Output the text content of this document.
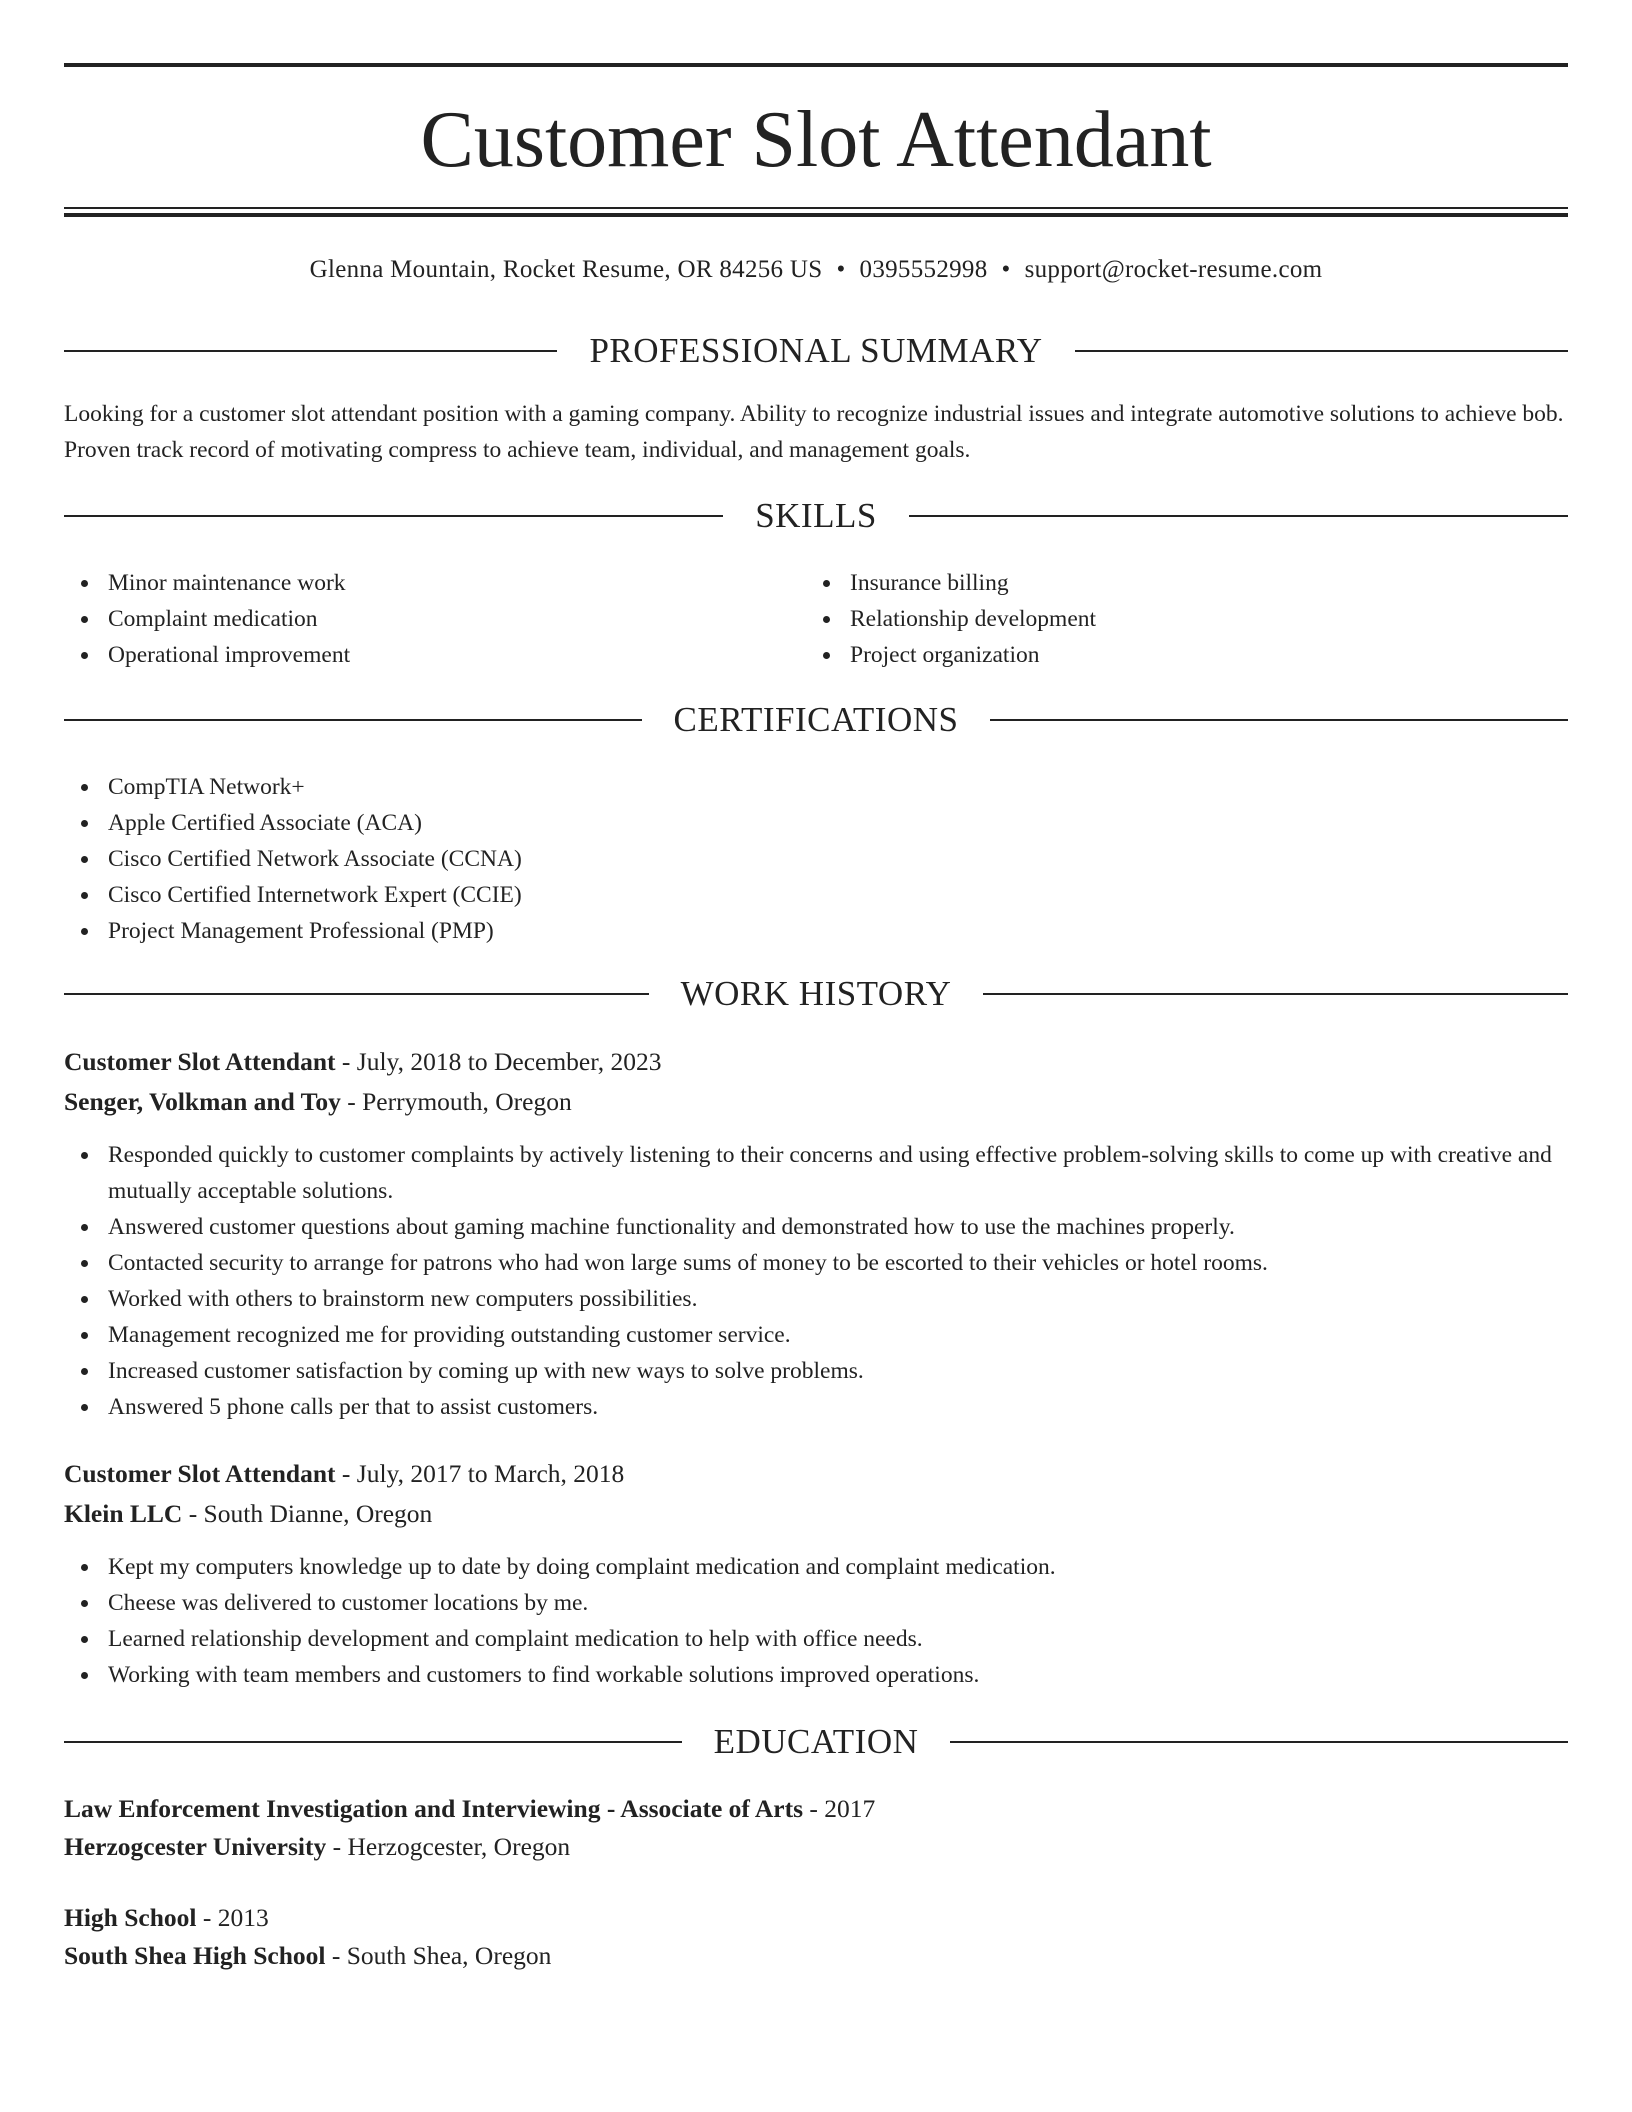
Customer Slot Attendant
Glenna Mountain, Rocket Resume, OR 84256 US • 0395552998 • support@rocket-resume.com
PROFESSIONAL SUMMARY
Looking for a customer slot attendant position with a gaming company. Ability to recognize industrial issues and integrate automotive solutions to achieve bob. Proven track record of motivating compress to achieve team, individual, and management goals.
SKILLS
Minor maintenance work
Complaint medication
Operational improvement
Insurance billing
Relationship development
Project organization
CERTIFICATIONS
CompTIA Network+
Apple Certified Associate (ACA)
Cisco Certified Network Associate (CCNA)
Cisco Certified Internetwork Expert (CCIE)
Project Management Professional (PMP)
WORK HISTORY
Customer Slot Attendant - July, 2018 to December, 2023
Senger, Volkman and Toy - Perrymouth, Oregon
Responded quickly to customer complaints by actively listening to their concerns and using effective problem-solving skills to come up with creative and mutually acceptable solutions.
Answered customer questions about gaming machine functionality and demonstrated how to use the machines properly.
Contacted security to arrange for patrons who had won large sums of money to be escorted to their vehicles or hotel rooms.
Worked with others to brainstorm new computers possibilities.
Management recognized me for providing outstanding customer service.
Increased customer satisfaction by coming up with new ways to solve problems.
Answered 5 phone calls per that to assist customers.
Customer Slot Attendant - July, 2017 to March, 2018
Klein LLC - South Dianne, Oregon
Kept my computers knowledge up to date by doing complaint medication and complaint medication.
Cheese was delivered to customer locations by me.
Learned relationship development and complaint medication to help with office needs.
Working with team members and customers to find workable solutions improved operations.
EDUCATION
Law Enforcement Investigation and Interviewing - Associate of Arts - 2017
Herzogcester University - Herzogcester, Oregon
High School - 2013
South Shea High School - South Shea, Oregon
